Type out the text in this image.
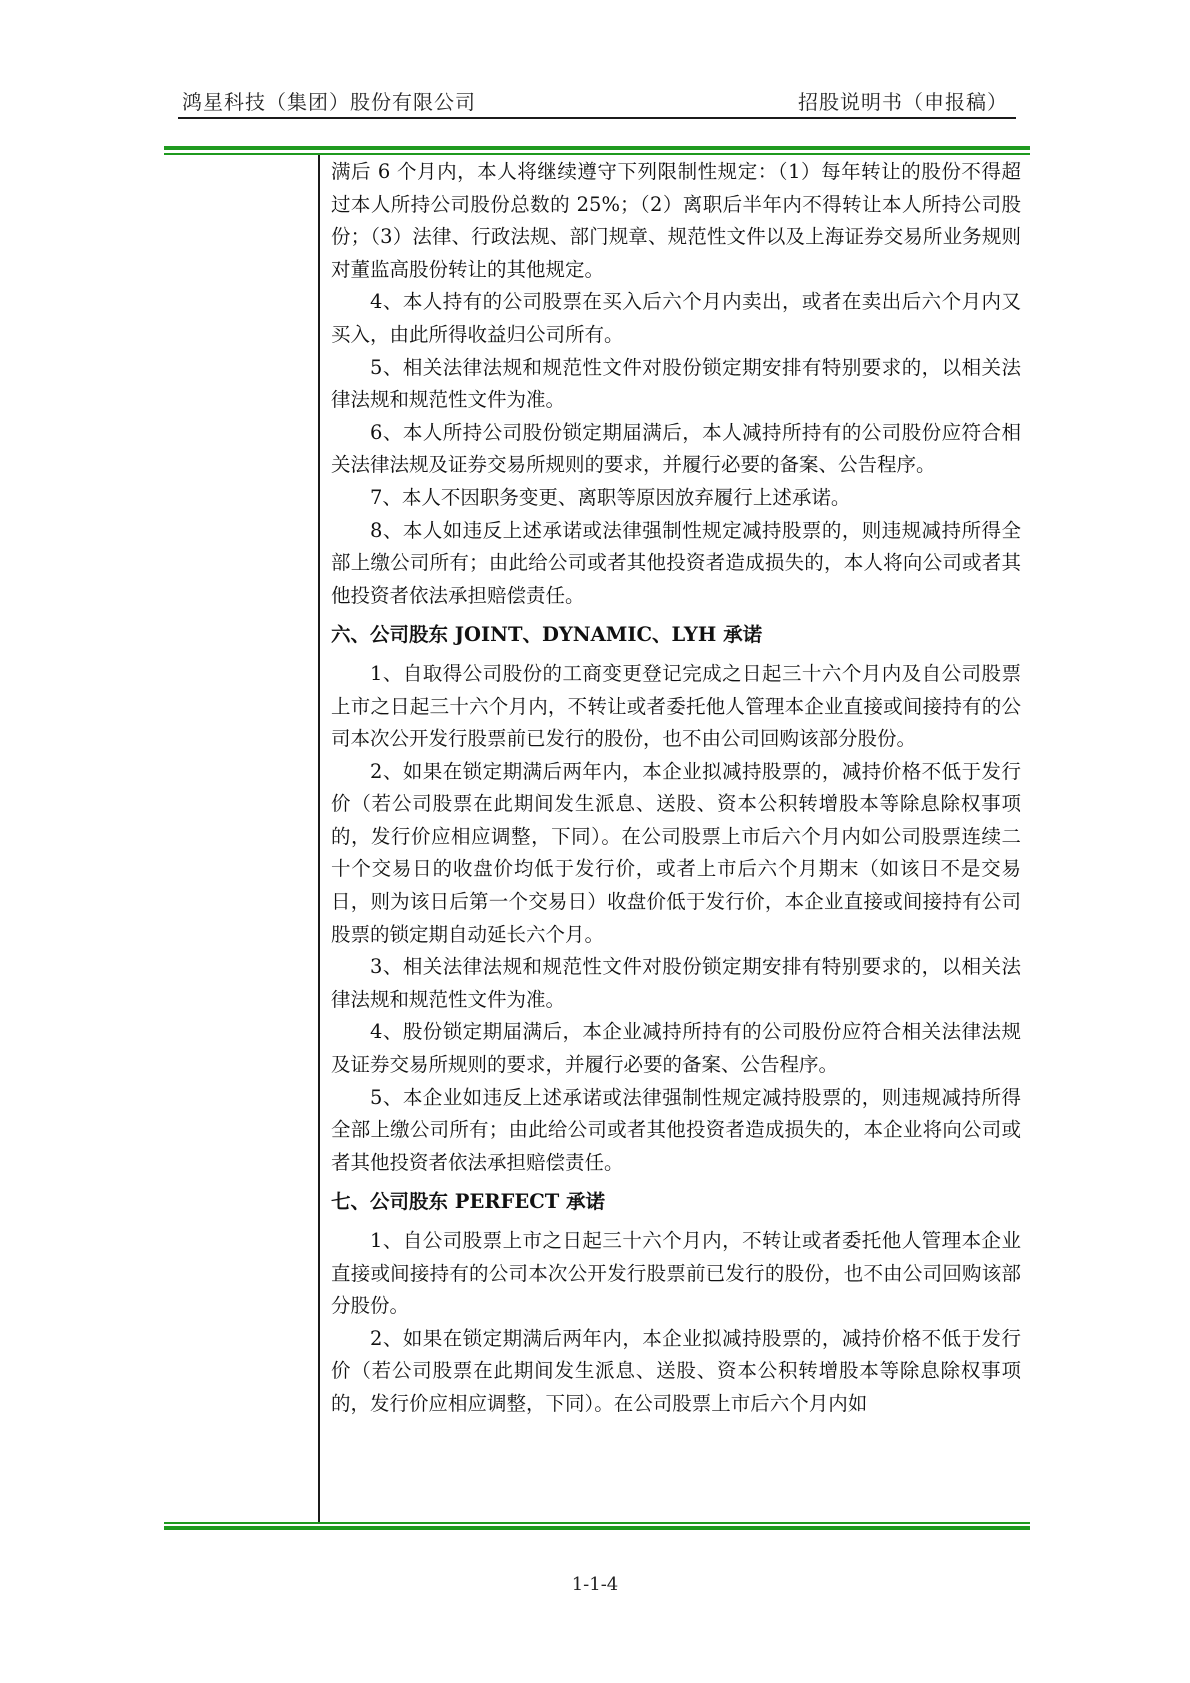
鸿星科技（集团）股份有限公司	招股说明书（申报稿）

满后 6 个月内，本人将继续遵守下列限制性规定：（1）每年转让的股份不得超过本人所持公司股份总数的 25%；（2）离职后半年内不得转让本人所持公司股份；（3）法律、行政法规、部门规章、规范性文件以及上海证券交易所业务规则对董监高股份转让的其他规定。

4、本人持有的公司股票在买入后六个月内卖出，或者在卖出后六个月内又买入，由此所得收益归公司所有。

5、相关法律法规和规范性文件对股份锁定期安排有特别要求的，以相关法律法规和规范性文件为准。

6、本人所持公司股份锁定期届满后，本人减持所持有的公司股份应符合相关法律法规及证券交易所规则的要求，并履行必要的备案、公告程序。

7、本人不因职务变更、离职等原因放弃履行上述承诺。

8、本人如违反上述承诺或法律强制性规定减持股票的，则违规减持所得全部上缴公司所有；由此给公司或者其他投资者造成损失的，本人将向公司或者其他投资者依法承担赔偿责任。

六、公司股东 JOINT、DYNAMIC、LYH 承诺

1、自取得公司股份的工商变更登记完成之日起三十六个月内及自公司股票上市之日起三十六个月内，不转让或者委托他人管理本企业直接或间接持有的公司本次公开发行股票前已发行的股份，也不由公司回购该部分股份。

2、如果在锁定期满后两年内，本企业拟减持股票的，减持价格不低于发行价（若公司股票在此期间发生派息、送股、资本公积转增股本等除息除权事项的，发行价应相应调整，下同）。在公司股票上市后六个月内如公司股票连续二十个交易日的收盘价均低于发行价，或者上市后六个月期末（如该日不是交易日，则为该日后第一个交易日）收盘价低于发行价，本企业直接或间接持有公司股票的锁定期自动延长六个月。

3、相关法律法规和规范性文件对股份锁定期安排有特别要求的，以相关法律法规和规范性文件为准。

4、股份锁定期届满后，本企业减持所持有的公司股份应符合相关法律法规及证券交易所规则的要求，并履行必要的备案、公告程序。

5、本企业如违反上述承诺或法律强制性规定减持股票的，则违规减持所得全部上缴公司所有；由此给公司或者其他投资者造成损失的，本企业将向公司或者其他投资者依法承担赔偿责任。

七、公司股东 PERFECT 承诺

1、自公司股票上市之日起三十六个月内，不转让或者委托他人管理本企业直接或间接持有的公司本次公开发行股票前已发行的股份，也不由公司回购该部分股份。

2、如果在锁定期满后两年内，本企业拟减持股票的，减持价格不低于发行价（若公司股票在此期间发生派息、送股、资本公积转增股本等除息除权事项的，发行价应相应调整，下同）。在公司股票上市后六个月内如

1-1-4
